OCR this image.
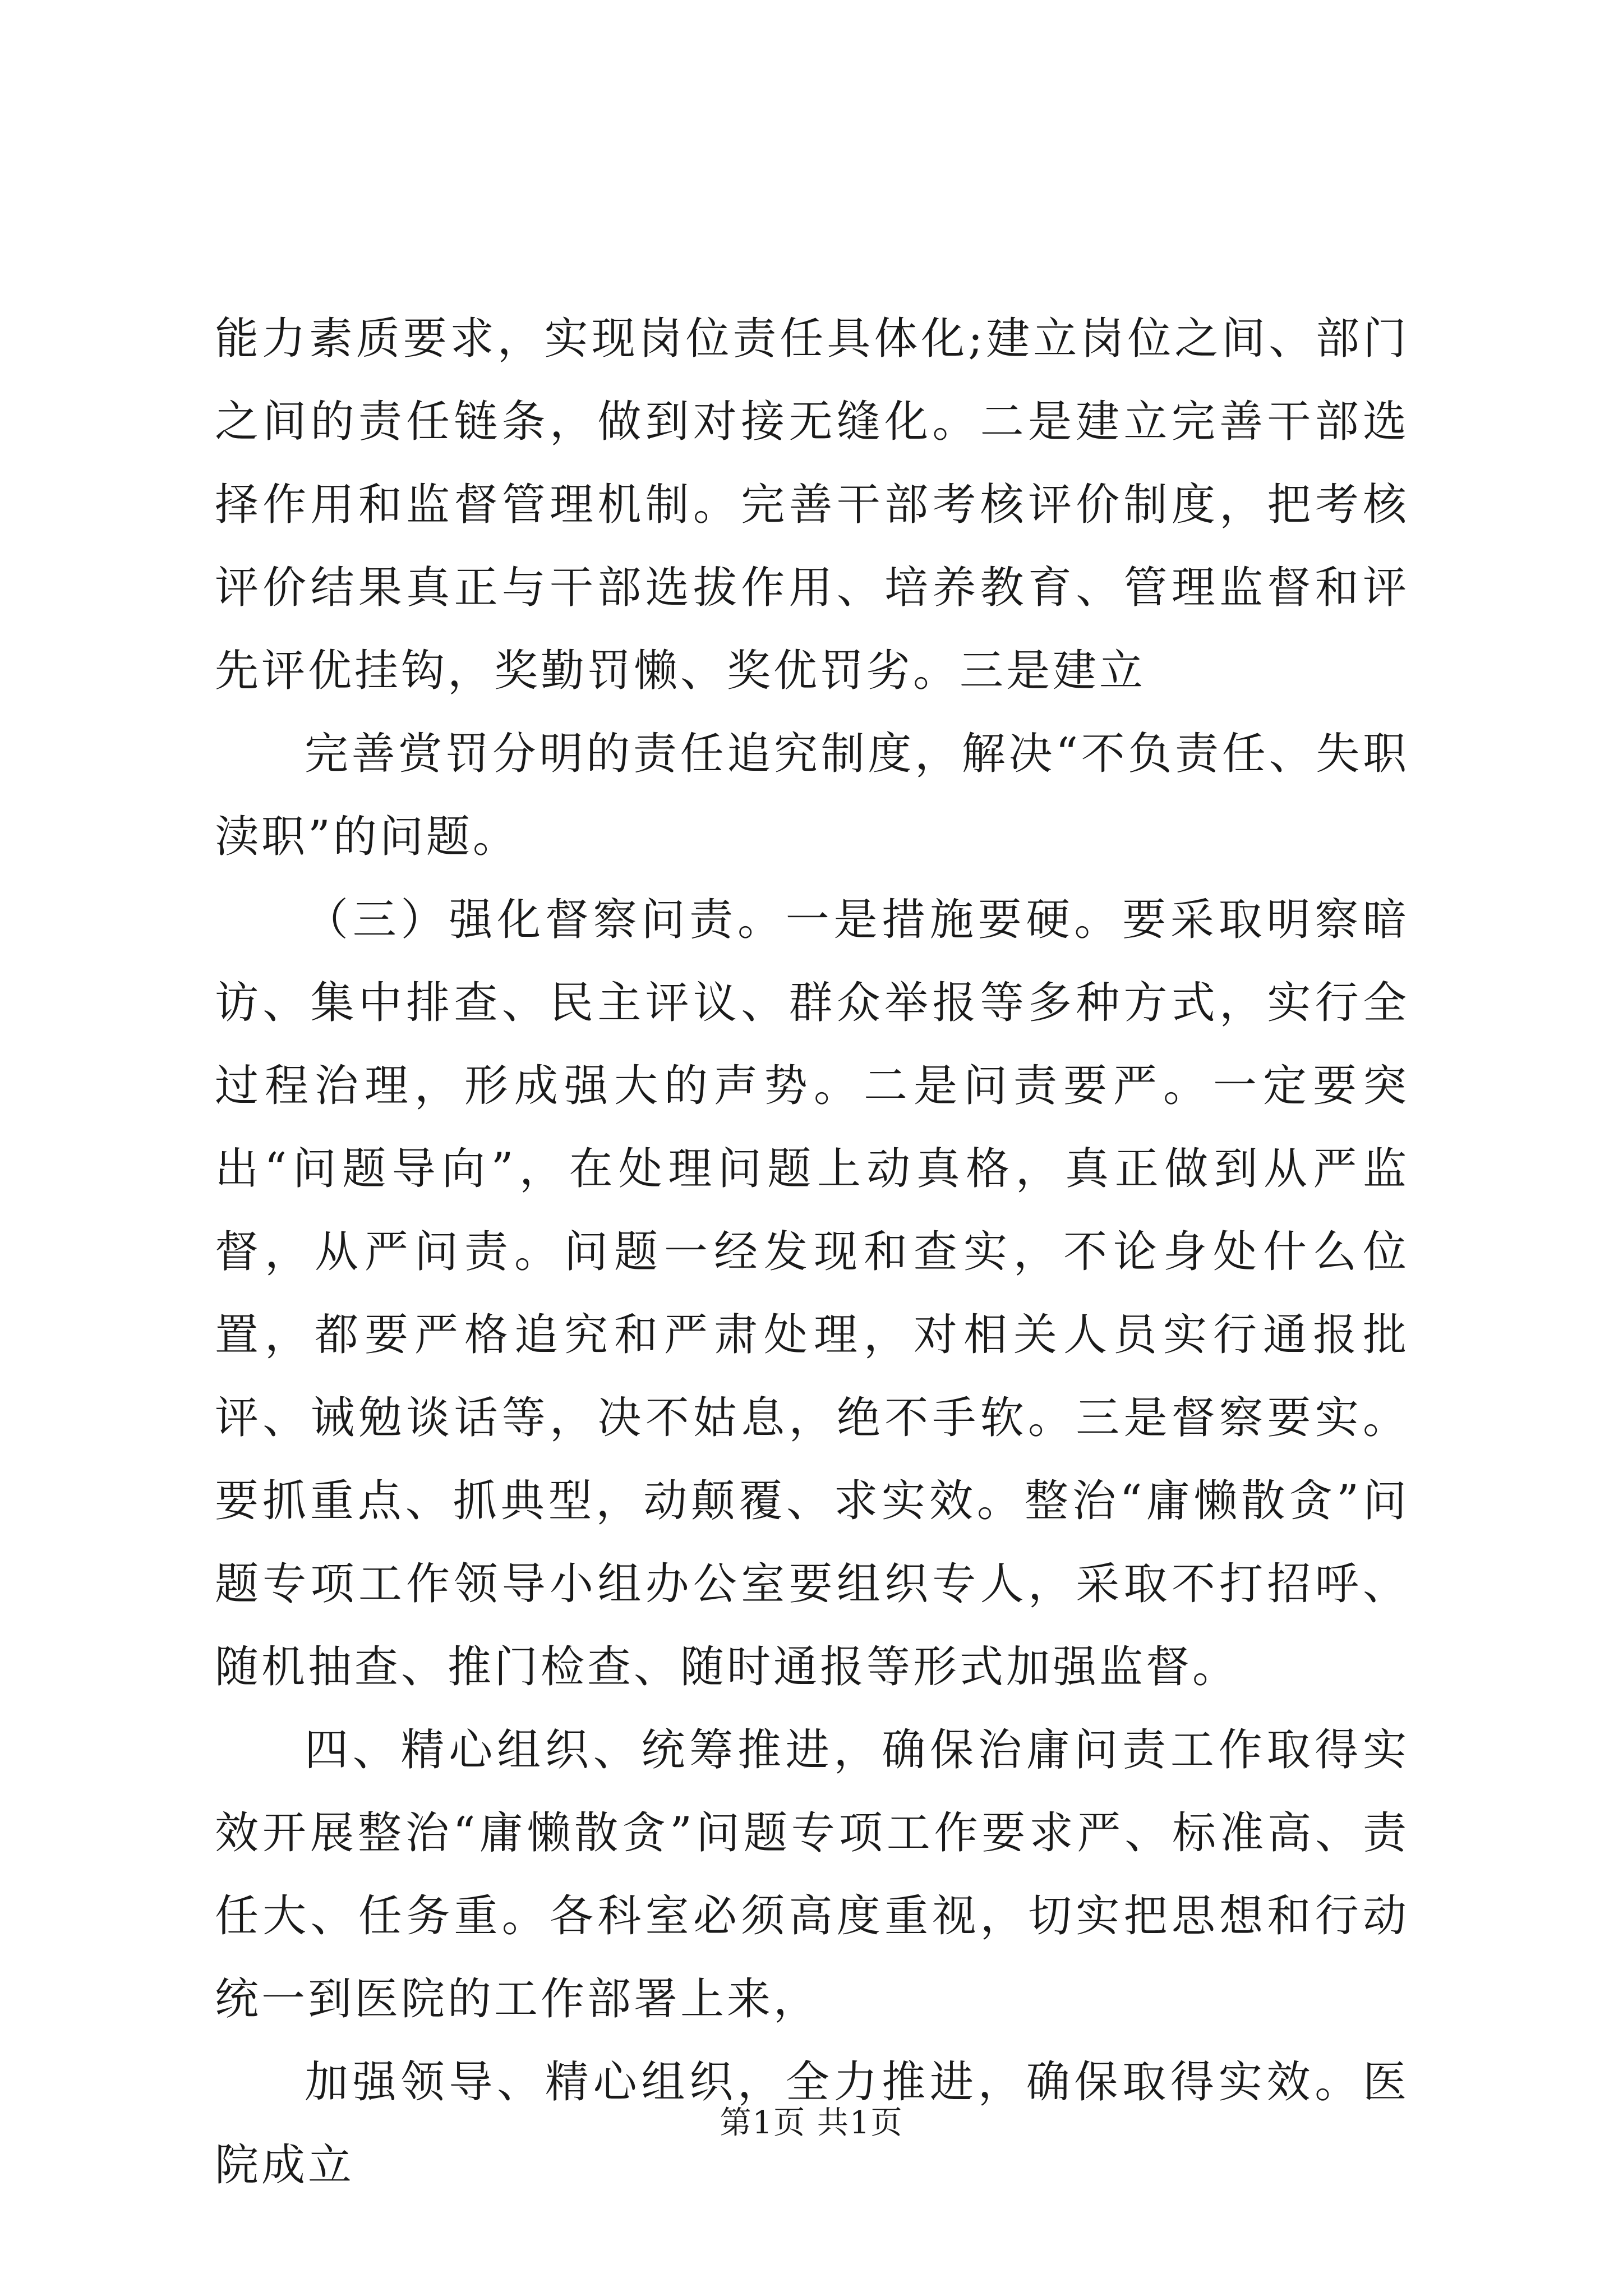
能力素质要求，实现岗位责任具体化;建立岗位之间、部门之间的责任链条，做到对接无缝化。二是建立完善干部选择作用和监督管理机制。完善干部考核评价制度，把考核评价结果真正与干部选拔作用、培养教育、管理监督和评先评优挂钩，奖勤罚懒、奖优罚劣。三是建立

完善赏罚分明的责任追究制度，解决“不负责任、失职渎职”的问题。

（三）强化督察问责。一是措施要硬。要采取明察暗访、集中排查、民主评议、群众举报等多种方式，实行全过程治理，形成强大的声势。二是问责要严。一定要突出“问题导向”，在处理问题上动真格，真正做到从严监督，从严问责。问题一经发现和查实，不论身处什么位置，都要严格追究和严肃处理，对相关人员实行通报批评、诫勉谈话等，决不姑息，绝不手软。三是督察要实。要抓重点、抓典型，动颠覆、求实效。整治“庸懒散贪”问题专项工作领导小组办公室要组织专人，采取不打招呼、随机抽查、推门检查、随时通报等形式加强监督。

四、精心组织、统筹推进，确保治庸问责工作取得实效开展整治“庸懒散贪”问题专项工作要求严、标准高、责任大、任务重。各科室必须高度重视，切实把思想和行动统一到医院的工作部署上来，

加强领导、精心组织，全力推进，确保取得实效。医院成立

第1页 共1页
